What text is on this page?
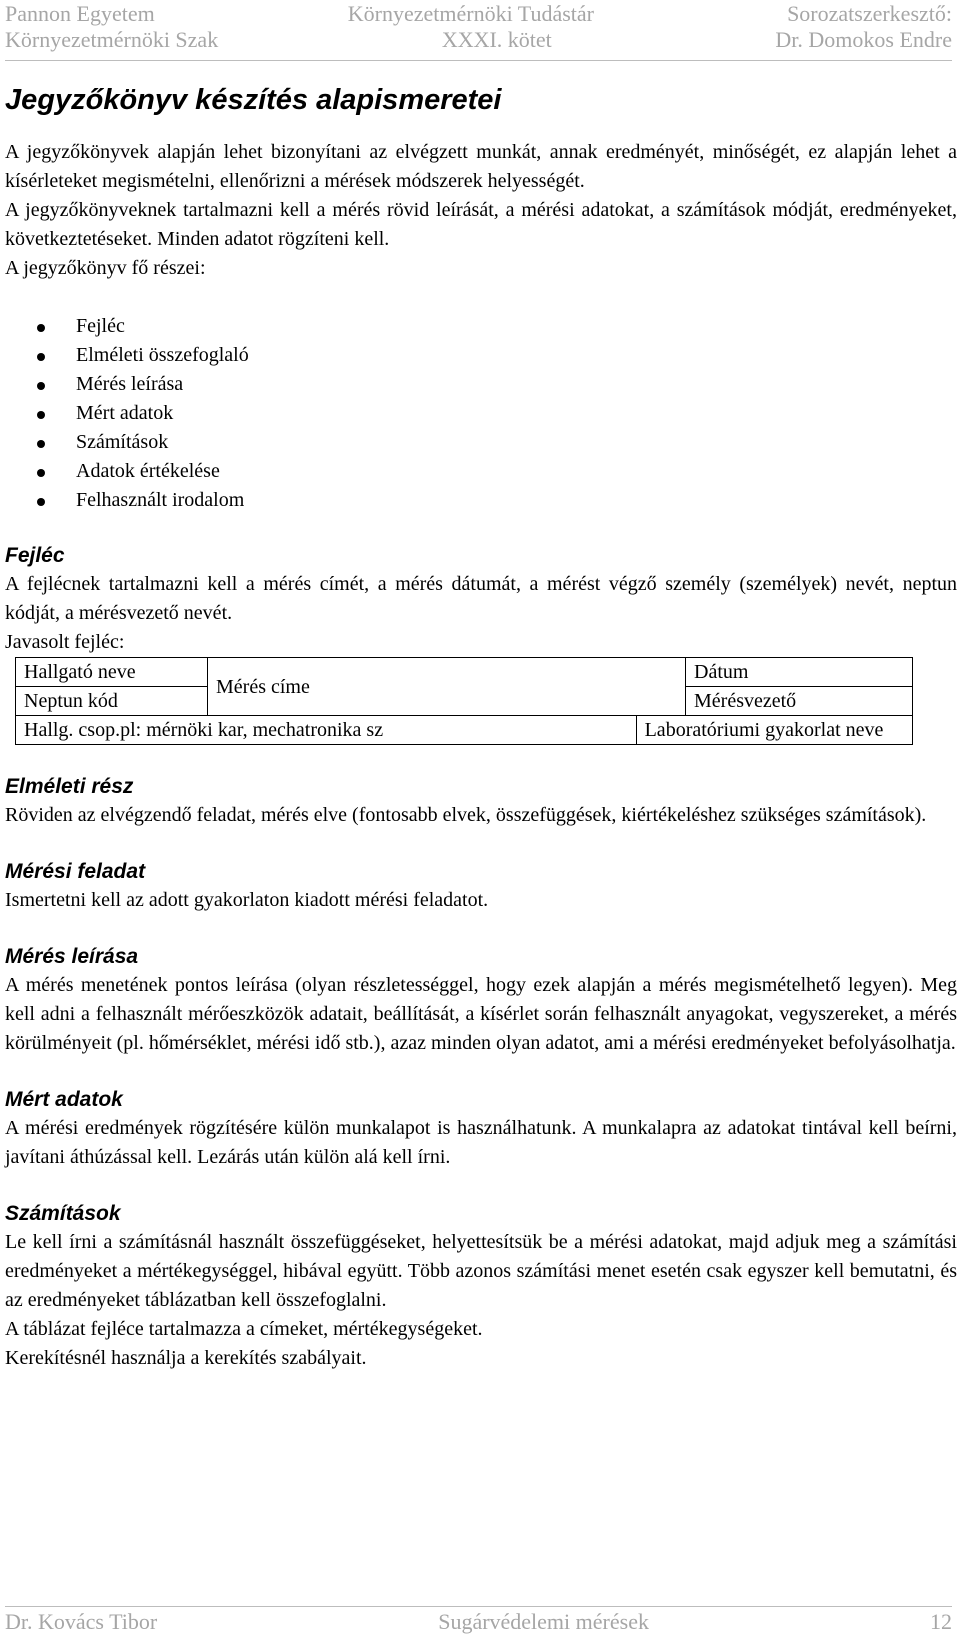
Pannon Egyetem	Környezetmérnöki Tudástár	Sorozatszerkesztő:
Környezetmérnöki Szak	XXXI. kötet	Dr. Domokos Endre
Jegyzőkönyv készítés alapismeretei

A jegyzőkönyvek alapján lehet bizonyítani az elvégzett munkát, annak eredményét, minőségét, ez alapján lehet a kísérleteket megismételni, ellenőrizni a mérések módszerek helyességét.

A jegyzőkönyveknek tartalmazni kell a mérés rövid leírását, a mérési adatokat, a számítások módját, eredményeket, következtetéseket. Minden adatot rögzíteni kell.

A jegyzőkönyv fő részei:

Fejléc
Elméleti összefoglaló
Mérés leírása
Mért adatok
Számítások
Adatok értékelése
Felhasznált irodalom
Fejléc

A fejlécnek tartalmazni kell a mérés címét, a mérés dátumát, a mérést végző személy (személyek) nevét, neptun kódját, a mérésvezető nevét.

Javasolt fejléc:

Hallgató neve	Mérés címe		Dátum
Neptun kód			Mérésvezető
Hallg. csop.pl: mérnöki kar, mechatronika sz		Laboratóriumi gyakorlat neve	
Elméleti rész

Röviden az elvégzendő feladat, mérés elve (fontosabb elvek, összefüggések, kiértékeléshez szükséges számítások).

Mérési feladat

Ismertetni kell az adott gyakorlaton kiadott mérési feladatot.

Mérés leírása

A mérés menetének pontos leírása (olyan részletességgel, hogy ezek alapján a mérés megismételhető legyen). Meg kell adni a felhasznált mérőeszközök adatait, beállítását, a kísérlet során felhasznált anyagokat, vegyszereket, a mérés körülményeit (pl. hőmérséklet, mérési idő stb.), azaz minden olyan adatot, ami a mérési eredményeket befolyásolhatja.

Mért adatok

A mérési eredmények rögzítésére külön munkalapot is használhatunk. A munkalapra az adatokat tintával kell beírni, javítani áthúzással kell. Lezárás után külön alá kell írni.

Számítások

Le kell írni a számításnál használt összefüggéseket, helyettesítsük be a mérési adatokat, majd adjuk meg a számítási eredményeket a mértékegységgel, hibával együtt. Több azonos számítási menet esetén csak egyszer kell bemutatni, és az eredményeket táblázatban kell összefoglalni.

A táblázat fejléce tartalmazza a címeket, mértékegységeket.

Kerekítésnél használja a kerekítés szabályait.

Dr. Kovács Tibor	Sugárvédelemi mérések	12
